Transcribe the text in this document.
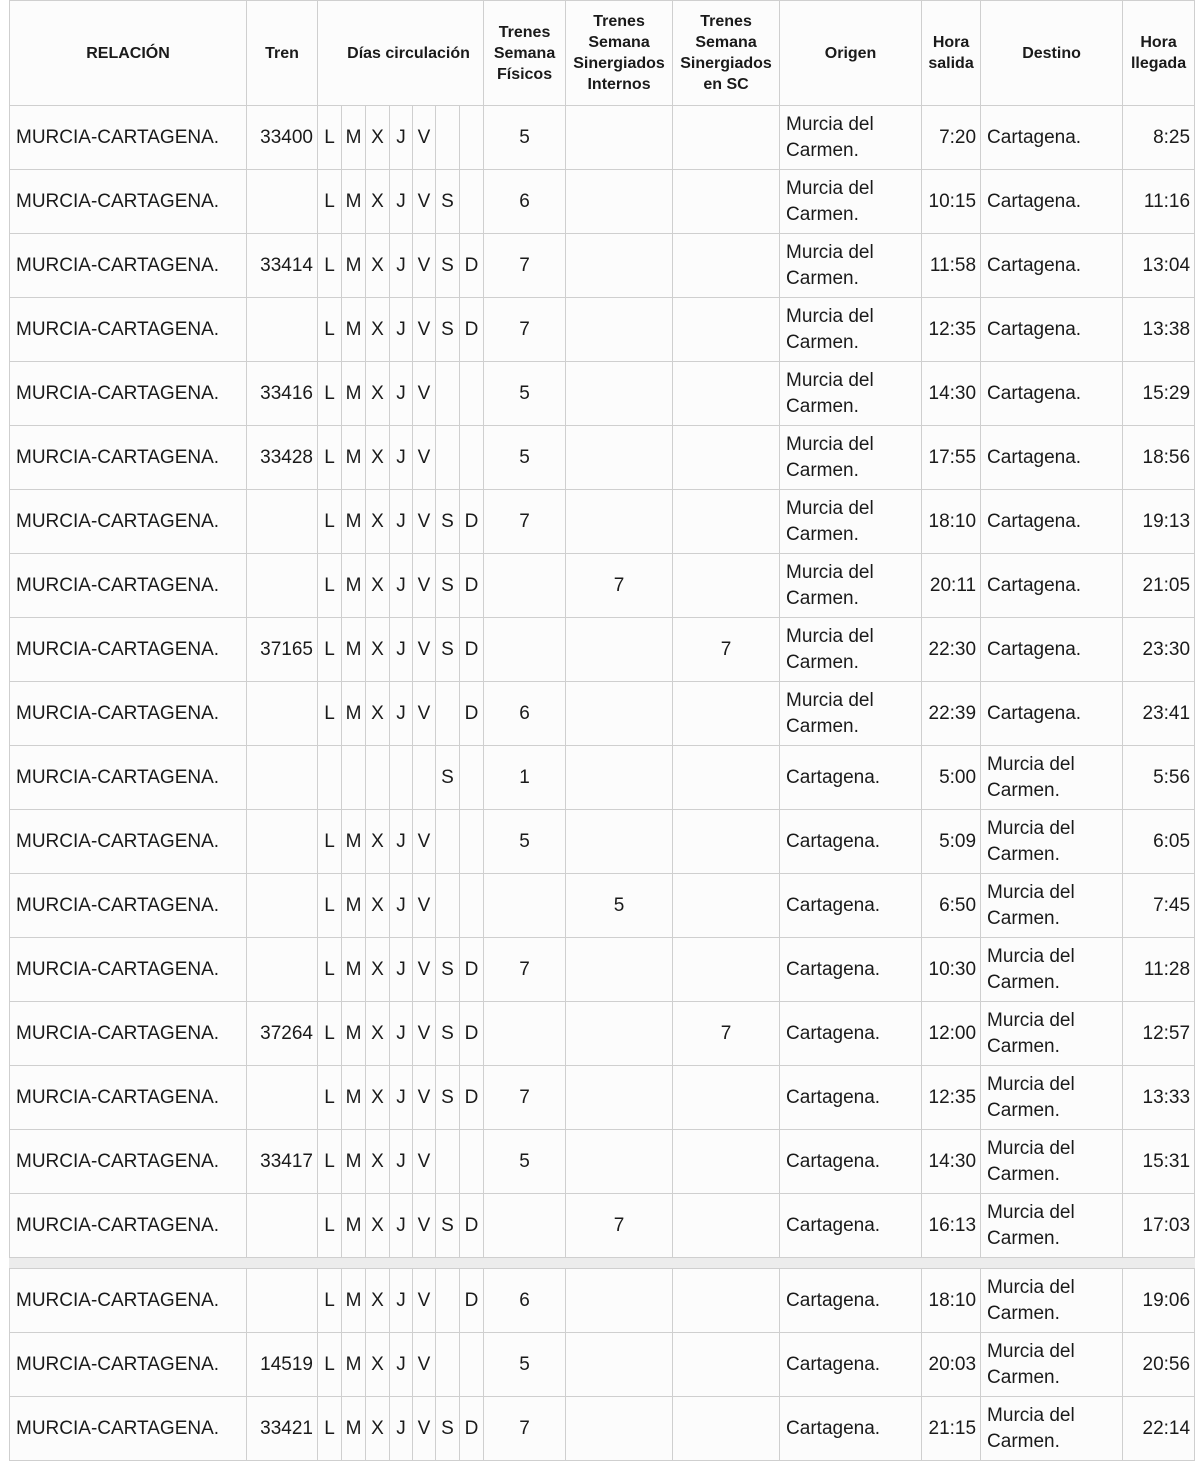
RELACIÓN	Tren	Días circulación							Trenes Semana Físicos	Trenes Semana Sinergiados Internos	Trenes Semana Sinergiados en SC	Origen	Hora salida	Destino	Hora llegada
MURCIA-CARTAGENA.	33400	L	M	X	J	V			5			Murcia del Carmen.	7:20	Cartagena.	8:25
MURCIA-CARTAGENA.		L	M	X	J	V	S		6			Murcia del Carmen.	10:15	Cartagena.	11:16
MURCIA-CARTAGENA.	33414	L	M	X	J	V	S	D	7			Murcia del Carmen.	11:58	Cartagena.	13:04
MURCIA-CARTAGENA.		L	M	X	J	V	S	D	7			Murcia del Carmen.	12:35	Cartagena.	13:38
MURCIA-CARTAGENA.	33416	L	M	X	J	V			5			Murcia del Carmen.	14:30	Cartagena.	15:29
MURCIA-CARTAGENA.	33428	L	M	X	J	V			5			Murcia del Carmen.	17:55	Cartagena.	18:56
MURCIA-CARTAGENA.		L	M	X	J	V	S	D	7			Murcia del Carmen.	18:10	Cartagena.	19:13
MURCIA-CARTAGENA.		L	M	X	J	V	S	D		7		Murcia del Carmen.	20:11	Cartagena.	21:05
MURCIA-CARTAGENA.	37165	L	M	X	J	V	S	D			7	Murcia del Carmen.	22:30	Cartagena.	23:30
MURCIA-CARTAGENA.		L	M	X	J	V		D	6			Murcia del Carmen.	22:39	Cartagena.	23:41
MURCIA-CARTAGENA.							S		1			Cartagena.	5:00	Murcia del Carmen.	5:56
MURCIA-CARTAGENA.		L	M	X	J	V			5			Cartagena.	5:09	Murcia del Carmen.	6:05
MURCIA-CARTAGENA.		L	M	X	J	V				5		Cartagena.	6:50	Murcia del Carmen.	7:45
MURCIA-CARTAGENA.		L	M	X	J	V	S	D	7			Cartagena.	10:30	Murcia del Carmen.	11:28
MURCIA-CARTAGENA.	37264	L	M	X	J	V	S	D			7	Cartagena.	12:00	Murcia del Carmen.	12:57
MURCIA-CARTAGENA.		L	M	X	J	V	S	D	7			Cartagena.	12:35	Murcia del Carmen.	13:33
MURCIA-CARTAGENA.	33417	L	M	X	J	V			5			Cartagena.	14:30	Murcia del Carmen.	15:31
MURCIA-CARTAGENA.		L	M	X	J	V	S	D		7		Cartagena.	16:13	Murcia del Carmen.	17:03

MURCIA-CARTAGENA.		L	M	X	J	V		D	6			Cartagena.	18:10	Murcia del Carmen.	19:06
MURCIA-CARTAGENA.	14519	L	M	X	J	V			5			Cartagena.	20:03	Murcia del Carmen.	20:56
MURCIA-CARTAGENA.	33421	L	M	X	J	V	S	D	7			Cartagena.	21:15	Murcia del Carmen.	22:14
